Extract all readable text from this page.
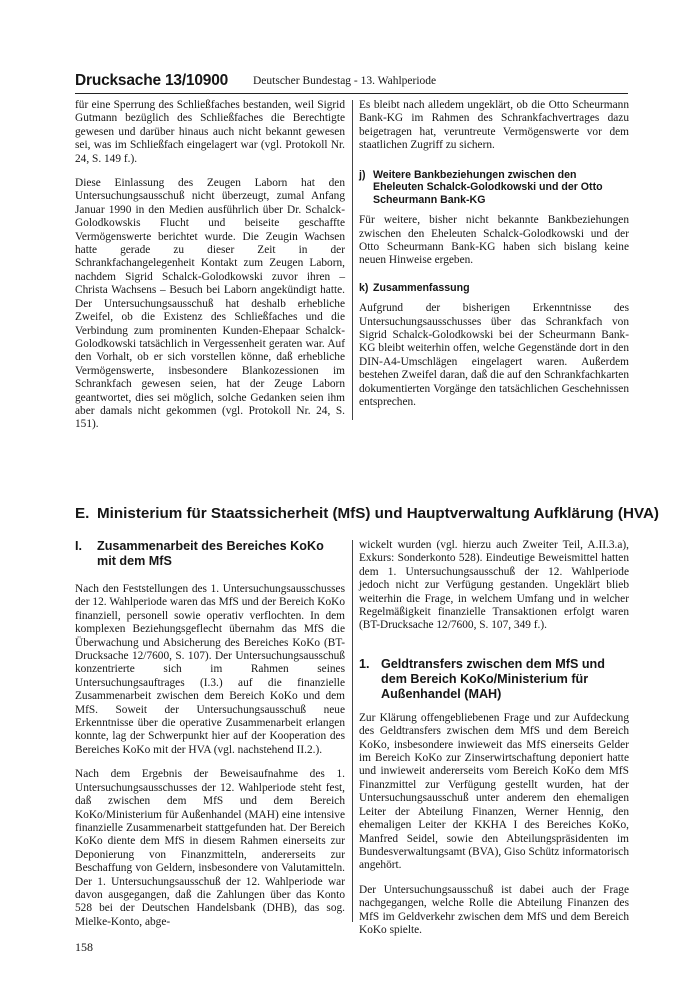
Drucksache 13/10900 Deutscher Bundestag - 13. Wahlperiode

für eine Sperrung des Schließfaches bestanden, weil Sigrid Gutmann bezüglich des Schließfaches die Berechtigte gewesen und darüber hinaus auch nicht bekannt gewesen sei, was im Schließfach eingelagert war (vgl. Protokoll Nr. 24, S. 149 f.).

Diese Einlassung des Zeugen Laborn hat den Untersuchungsausschuß nicht überzeugt, zumal Anfang Januar 1990 in den Medien ausführlich über Dr. Schalck-Golodkowskis Flucht und beiseite geschaffte Vermögenswerte berichtet wurde. Die Zeugin Wachsen hatte gerade zu dieser Zeit in der Schrankfachangelegenheit Kontakt zum Zeugen Laborn, nachdem Sigrid Schalck-Golodkowski zuvor ihren – Christa Wachsens – Besuch bei Laborn angekündigt hatte. Der Untersuchungsausschuß hat deshalb erhebliche Zweifel, ob die Existenz des Schließfaches und die Verbindung zum prominenten Kunden-Ehepaar Schalck-Golodkowski tatsächlich in Vergessenheit geraten war. Auf den Vorhalt, ob er sich vorstellen könne, daß erhebliche Vermögenswerte, insbesondere Blankozessionen im Schrankfach gewesen seien, hat der Zeuge Laborn geantwortet, dies sei möglich, solche Gedanken seien ihm aber damals nicht gekommen (vgl. Protokoll Nr. 24, S. 151).

Es bleibt nach alledem ungeklärt, ob die Otto Scheurmann Bank-KG im Rahmen des Schrankfachvertrages dazu beigetragen hat, veruntreute Vermögenswerte vor dem staatlichen Zugriff zu sichern.

j) Weitere Bankbeziehungen zwischen den Eheleuten Schalck-Golodkowski und der Otto Scheurmann Bank-KG

Für weitere, bisher nicht bekannte Bankbeziehungen zwischen den Eheleuten Schalck-Golodkowski und der Otto Scheurmann Bank-KG haben sich bislang keine neuen Hinweise ergeben.

k) Zusammenfassung

Aufgrund der bisherigen Erkenntnisse des Untersuchungsausschusses über das Schrankfach von Sigrid Schalck-Golodkowski bei der Scheurmann Bank-KG bleibt weiterhin offen, welche Gegenstände dort in den DIN-A4-Umschlägen eingelagert waren. Außerdem bestehen Zweifel daran, daß die auf den Schrankfachkarten dokumentierten Vorgänge den tatsächlichen Geschehnissen entsprechen.

E. Ministerium für Staatssicherheit (MfS) und Hauptverwaltung Aufklärung (HVA)
I.	Zusammenarbeit des Bereiches KoKo mit dem MfS

Nach den Feststellungen des 1. Untersuchungsausschusses der 12. Wahlperiode waren das MfS und der Bereich KoKo finanziell, personell sowie operativ verflochten. In dem komplexen Beziehungsgeflecht übernahm das MfS die Überwachung und Absicherung des Bereiches KoKo (BT-Drucksache 12/7600, S. 107). Der Untersuchungsausschuß konzentrierte sich im Rahmen seines Untersuchungsauftrages (I.3.) auf die finanzielle Zusammenarbeit zwischen dem Bereich KoKo und dem MfS. Soweit der Untersuchungsausschuß neue Erkenntnisse über die operative Zusammenarbeit erlangen konnte, lag der Schwerpunkt hier auf der Kooperation des Bereiches KoKo mit der HVA (vgl. nachstehend II.2.).

Nach dem Ergebnis der Beweisaufnahme des 1. Untersuchungsausschusses der 12. Wahlperiode steht fest, daß zwischen dem MfS und dem Bereich KoKo/Ministerium für Außenhandel (MAH) eine intensive finanzielle Zusammenarbeit stattgefunden hat. Der Bereich KoKo diente dem MfS in diesem Rahmen einerseits zur Deponierung von Finanzmitteln, andererseits zur Beschaffung von Geldern, insbesondere von Valutamitteln. Der 1. Untersuchungsausschuß der 12. Wahlperiode war davon ausgegangen, daß die Zahlungen über das Konto 528 bei der Deutschen Handelsbank (DHB), das sog. Mielke-Konto, abge-

wickelt wurden (vgl. hierzu auch Zweiter Teil, A.II.3.a), Exkurs: Sonderkonto 528). Eindeutige Beweismittel hatten dem 1. Untersuchungsausschuß der 12. Wahlperiode jedoch nicht zur Verfügung gestanden. Ungeklärt blieb weiterhin die Frage, in welchem Umfang und in welcher Regelmäßigkeit finanzielle Transaktionen erfolgt waren (BT-Drucksache 12/7600, S. 107, 349 f.).

1. Geldtransfers zwischen dem MfS und dem Bereich KoKo/Ministerium für Außenhandel (MAH)

Zur Klärung offengebliebenen Frage und zur Aufdeckung des Geldtransfers zwischen dem MfS und dem Bereich KoKo, insbesondere inwieweit das MfS einerseits Gelder im Bereich KoKo zur Zinserwirtschaftung deponiert hatte und inwieweit andererseits vom Bereich KoKo dem MfS Finanzmittel zur Verfügung gestellt wurden, hat der Untersuchungsausschuß unter anderem den ehemaligen Leiter der Abteilung Finanzen, Werner Hennig, den ehemaligen Leiter der KKHA I des Bereiches KoKo, Manfred Seidel, sowie den Abteilungspräsidenten im Bundesverwaltungsamt (BVA), Giso Schütz informatorisch angehört.

Der Untersuchungsausschuß ist dabei auch der Frage nachgegangen, welche Rolle die Abteilung Finanzen des MfS im Geldverkehr zwischen dem MfS und dem Bereich KoKo spielte.

158
